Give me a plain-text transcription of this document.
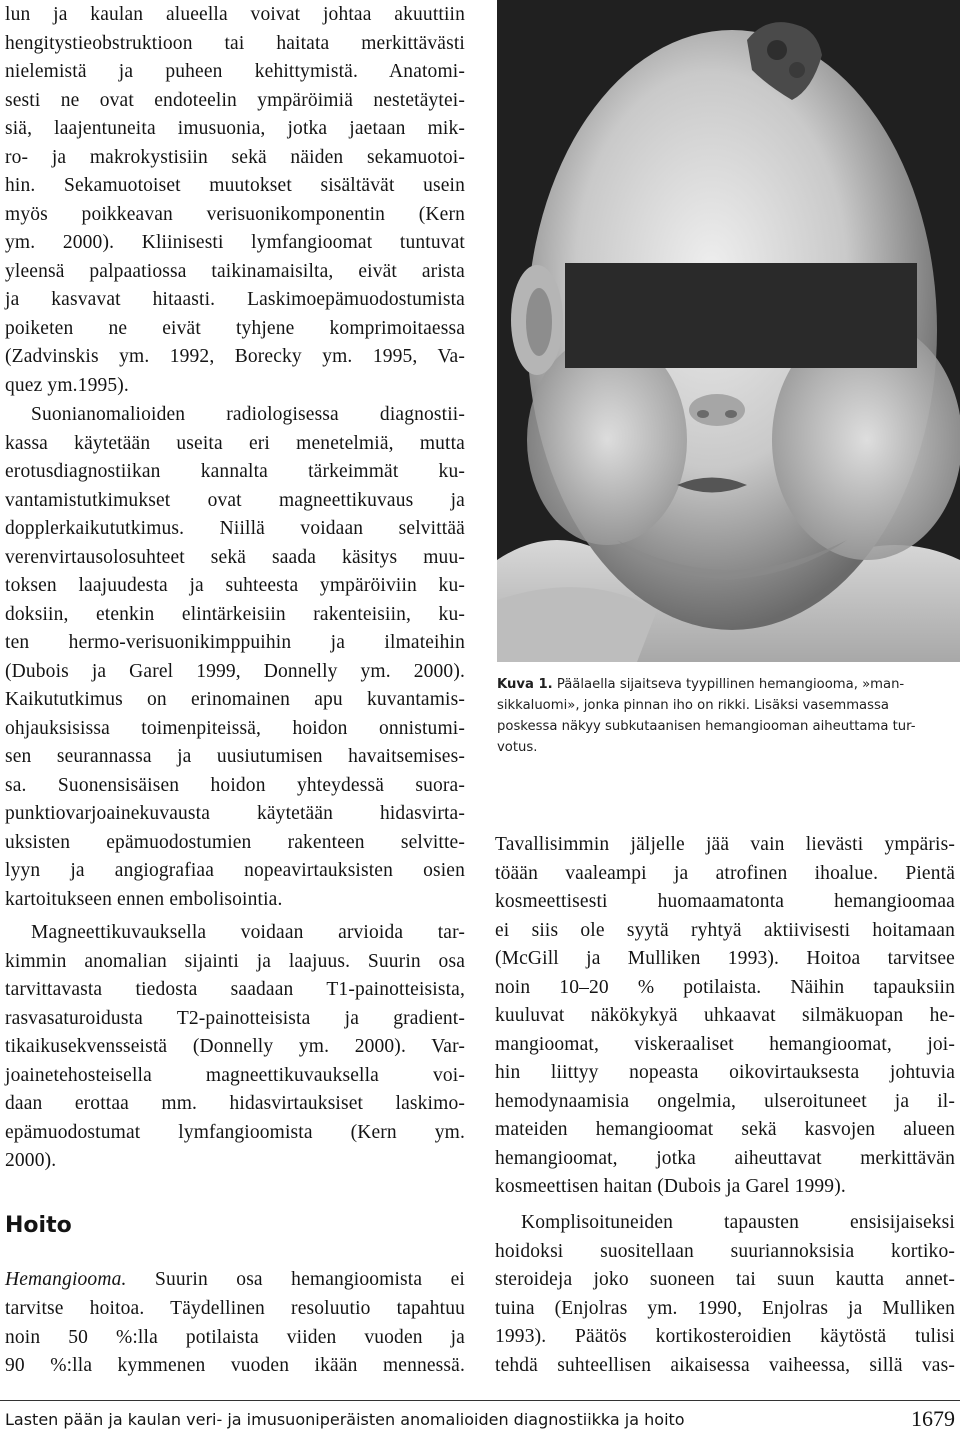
lun ja kaulan alueella voivat johtaa akuuttiin
hengitystieobstruktioon tai haitata merkittävästi
nielemistä ja puheen kehittymistä. Anatomi-
sesti ne ovat endoteelin ympäröimiä nestetäytei-
siä, laajentuneita imusuonia, jotka jaetaan mik-
ro- ja makrokystisiin sekä näiden sekamuotoi-
hin. Sekamuotoiset muutokset sisältävät usein
myös poikkeavan verisuonikomponentin (Kern
ym. 2000). Kliinisesti lymfangioomat tuntuvat
yleensä palpaatiossa taikinamaisilta, eivät arista
ja kasvavat hitaasti. Laskimoepämuodostumista
poiketen ne eivät tyhjene komprimoitaessa
(Zadvinskis ym. 1992, Borecky ym. 1995, Va-
quez ym.1995).
Suonianomalioiden radiologisessa diagnostii-
kassa käytetään useita eri menetelmiä, mutta
erotusdiagnostiikan kannalta tärkeimmät ku-
vantamistutkimukset ovat magneettikuvaus ja
dopplerkaikututkimus. Niillä voidaan selvittää
verenvirtausolosuhteet sekä saada käsitys muu-
toksen laajuudesta ja suhteesta ympäröiviin ku-
doksiin, etenkin elintärkeisiin rakenteisiin, ku-
ten hermo-verisuonikimppuihin ja ilmateihin
(Dubois ja Garel 1999, Donnelly ym. 2000).
Kaikututkimus on erinomainen apu kuvantamis-
ohjauksisissa toimenpiteissä, hoidon onnistumi-
sen seurannassa ja uusiutumisen havaitsemises-
sa. Suonensisäisen hoidon yhteydessä suora-
punktiovarjoainekuvausta käytetään hidasvirta-
uksisten epämuodostumien rakenteen selvitte-
lyyn ja angiografiaa nopeavirtauksisten osien
kartoitukseen ennen embolisointia.
Magneettikuvauksella voidaan arvioida tar-
kimmin anomalian sijainti ja laajuus. Suurin osa
tarvittavasta tiedosta saadaan T1-painotteisista,
rasvasaturoidusta T2-painotteisista ja gradient-
tikaikusekvensseistä (Donnelly ym. 2000). Var-
joainetehosteisella magneettikuvauksella voi-
daan erottaa mm. hidasvirtauksiset laskimo-
epämuodostumat lymfangioomista (Kern ym.
2000).
Hemangiooma. Suurin osa hemangioomista ei
tarvitse hoitoa. Täydellinen resoluutio tapahtuu
noin 50 %:lla potilaista viiden vuoden ja
90 %:lla kymmenen vuoden ikään mennessä.
Hoito
Kuva 1. Päälaella sijaitseva tyypillinen hemangiooma, »man-
sikkaluomi», jonka pinnan iho on rikki. Lisäksi vasemmassa
poskessa näkyy subkutaanisen hemangiooman aiheuttama tur-
votus.
Tavallisimmin jäljelle jää vain lievästi ympäris-
töään vaaleampi ja atrofinen ihoalue. Pientä
kosmeettisesti huomaamatonta hemangioomaa
ei siis ole syytä ryhtyä aktiivisesti hoitamaan
(McGill ja Mulliken 1993). Hoitoa tarvitsee
noin 10–20 % potilaista. Näihin tapauksiin
kuuluvat näkökykyä uhkaavat silmäkuopan he-
mangioomat, viskeraaliset hemangioomat, joi-
hin liittyy nopeasta oikovirtauksesta johtuvia
hemodynaamisia ongelmia, ulseroituneet ja il-
mateiden hemangioomat sekä kasvojen alueen
hemangioomat, jotka aiheuttavat merkittävän
kosmeettisen haitan (Dubois ja Garel 1999).
Komplisoituneiden tapausten ensisijaiseksi
hoidoksi suositellaan suuriannoksisia kortiko-
steroideja joko suoneen tai suun kautta annet-
tuina (Enjolras ym. 1990, Enjolras ja Mulliken
1993). Päätös kortikosteroidien käytöstä tulisi
tehdä suhteellisen aikaisessa vaiheessa, sillä vas-
Lasten pään ja kaulan veri- ja imusuoniperäisten anomalioiden diagnostiikka ja hoito	1679
